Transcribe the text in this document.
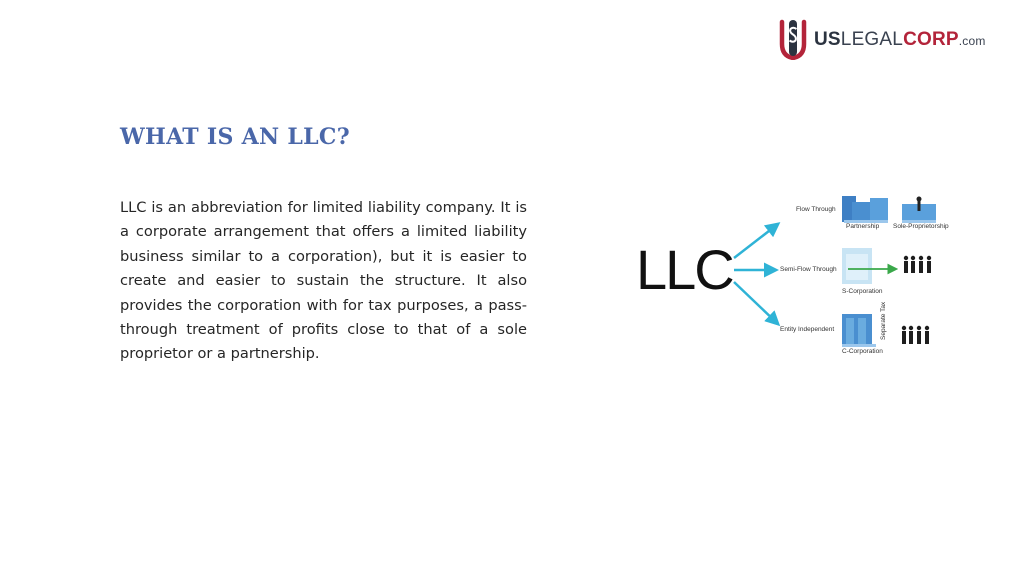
USLEGALCORP.com
WHAT IS AN LLC?
LLC is an abbreviation for limited liability company. It is a corporate arrangement that offers a limited liability business similar to a corporation), but it is easier to create and easier to sustain the structure. It also provides the corporation with for tax purposes, a pass-through treatment of profits close to that of a sole proprietor or a partnership.
LLC
Flow Through
Partnership Sole-Proprietorship
Semi-Flow Through
S-Corporation
Entity Independent
C-Corporation
Separate Tax
